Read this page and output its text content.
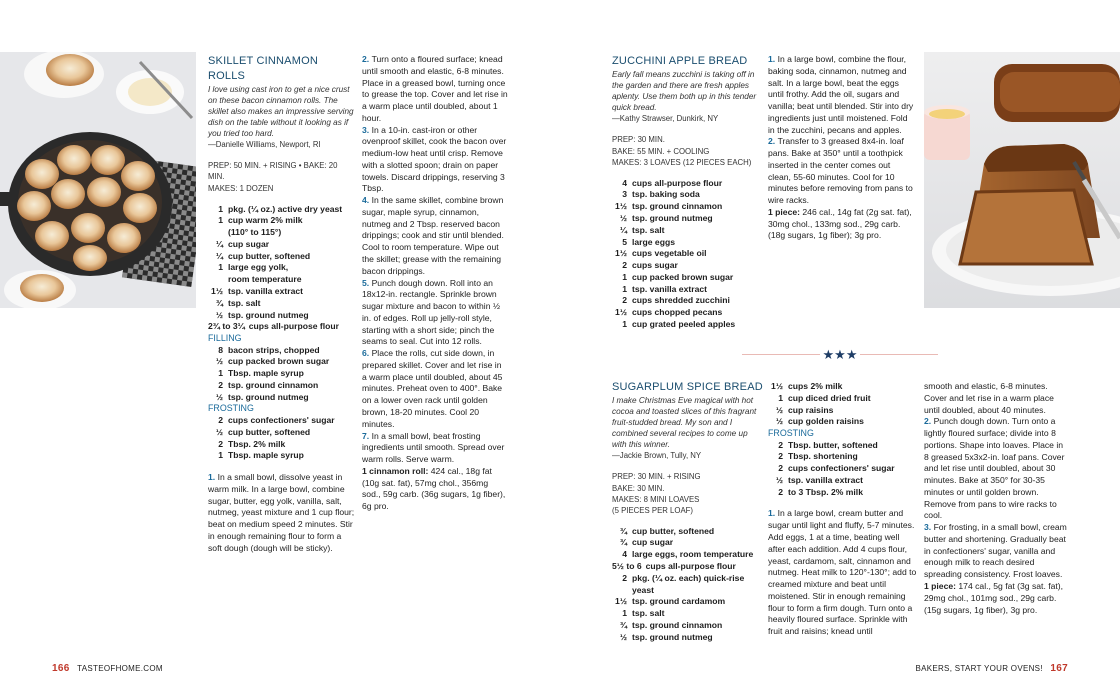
SKILLET CINNAMON ROLLS
I love using cast iron to get a nice crust on these bacon cinnamon rolls. The skillet also makes an impressive serving dish on the table without it looking as if you tried too hard.
—Danielle Williams, Newport, RI
PREP: 50 MIN. + RISING • BAKE: 20 MIN.
MAKES: 1 DOZEN
1 pkg. (¼ oz.) active dry yeast
1 cup warm 2% milk
(110° to 115°)
¼ cup sugar
¼ cup butter, softened
1 large egg yolk,
room temperature
1½ tsp. vanilla extract
¾ tsp. salt
½ tsp. ground nutmeg
2¾ to 3¼ cups all-purpose flour
FILLING
8 bacon strips, chopped
½ cup packed brown sugar
1 Tbsp. maple syrup
2 tsp. ground cinnamon
½ tsp. ground nutmeg
FROSTING
2 cups confectioners' sugar
½ cup butter, softened
2 Tbsp. 2% milk
1 Tbsp. maple syrup

1. In a small bowl, dissolve yeast in warm milk. In a large bowl, combine sugar, butter, egg yolk, vanilla, salt, nutmeg, yeast mixture and 1 cup flour; beat on medium speed 2 minutes. Stir in enough remaining flour to form a soft dough (dough will be sticky).

2. Turn onto a floured surface; knead until smooth and elastic, 6-8 minutes. Place in a greased bowl, turning once to grease the top. Cover and let rise in a warm place until doubled, about 1 hour.

3. In a 10-in. cast-iron or other ovenproof skillet, cook the bacon over medium-low heat until crisp. Remove with a slotted spoon; drain on paper towels. Discard drippings, reserving 3 Tbsp.

4. In the same skillet, combine brown sugar, maple syrup, cinnamon, nutmeg and 2 Tbsp. reserved bacon drippings; cook and stir until blended. Cool to room temperature. Wipe out the skillet; grease with the remaining bacon drippings.

5. Punch dough down. Roll into an 18x12-in. rectangle. Sprinkle brown sugar mixture and bacon to within ½ in. of edges. Roll up jelly-roll style, starting with a short side; pinch the seams to seal. Cut into 12 rolls.

6. Place the rolls, cut side down, in prepared skillet. Cover and let rise in a warm place until doubled, about 45 minutes. Preheat oven to 400°. Bake on a lower oven rack until golden brown, 18-20 minutes. Cool 20 minutes.

7. In a small bowl, beat frosting ingredients until smooth. Spread over warm rolls. Serve warm.

1 cinnamon roll: 424 cal., 18g fat (10g sat. fat), 57mg chol., 356mg sod., 59g carb. (36g sugars, 1g fiber), 6g pro.

ZUCCHINI APPLE BREAD
Early fall means zucchini is taking off in the garden and there are fresh apples aplenty. Use them both up in this tender quick bread.
—Kathy Strawser, Dunkirk, NY
PREP: 30 MIN.
BAKE: 55 MIN. + COOLING
MAKES: 3 LOAVES (12 PIECES EACH)
4 cups all-purpose flour
3 tsp. baking soda
1½ tsp. ground cinnamon
½ tsp. ground nutmeg
¼ tsp. salt
5 large eggs
1½ cups vegetable oil
2 cups sugar
1 cup packed brown sugar
1 tsp. vanilla extract
2 cups shredded zucchini
1½ cups chopped pecans
1 cup grated peeled apples

1. In a large bowl, combine the flour, baking soda, cinnamon, nutmeg and salt. In a large bowl, beat the eggs until frothy. Add the oil, sugars and vanilla; beat until blended. Stir into dry ingredients just until moistened. Fold in the zucchini, pecans and apples.

2. Transfer to 3 greased 8x4-in. loaf pans. Bake at 350° until a toothpick inserted in the center comes out clean, 55-60 minutes. Cool for 10 minutes before removing from pans to wire racks.

1 piece: 246 cal., 14g fat (2g sat. fat), 30mg chol., 133mg sod., 29g carb. (18g sugars, 1g fiber); 3g pro.

★★★
SUGARPLUM SPICE BREAD
I make Christmas Eve magical with hot cocoa and toasted slices of this fragrant fruit-studded bread. My son and I combined several recipes to come up with this winner.
—Jackie Brown, Tully, NY
PREP: 30 MIN. + RISING
BAKE: 30 MIN.
MAKES: 8 MINI LOAVES
(5 PIECES PER LOAF)
¾ cup butter, softened
¾ cup sugar
4 large eggs, room temperature
5½ to 6 cups all-purpose flour
2 pkg. (¼ oz. each) quick-rise
yeast
1½ tsp. ground cardamom
1 tsp. salt
¾ tsp. ground cinnamon
½ tsp. ground nutmeg
1½ cups 2% milk
1 cup diced dried fruit
½ cup raisins
½ cup golden raisins
FROSTING
2 Tbsp. butter, softened
2 Tbsp. shortening
2 cups confectioners' sugar
½ tsp. vanilla extract
2 to 3 Tbsp. 2% milk

1. In a large bowl, cream butter and sugar until light and fluffy, 5-7 minutes. Add eggs, 1 at a time, beating well after each addition. Add 4 cups flour, yeast, cardamom, salt, cinnamon and nutmeg. Heat milk to 120°-130°; add to creamed mixture and beat until moistened. Stir in enough remaining flour to form a firm dough. Turn onto a heavily floured surface. Sprinkle with fruit and raisins; knead until

smooth and elastic, 6-8 minutes. Cover and let rise in a warm place until doubled, about 40 minutes.

2. Punch dough down. Turn onto a lightly floured surface; divide into 8 portions. Shape into loaves. Place in 8 greased 5x3x2-in. loaf pans. Cover and let rise until doubled, about 30 minutes. Bake at 350° for 30-35 minutes or until golden brown. Remove from pans to wire racks to cool.

3. For frosting, in a small bowl, cream butter and shortening. Gradually beat in confectioners' sugar, vanilla and enough milk to reach desired spreading consistency. Frost loaves.

1 piece: 174 cal., 5g fat (3g sat. fat), 29mg chol., 101mg sod., 29g carb. (15g sugars, 1g fiber), 3g pro.

166 TASTEOFHOME.COM	BAKERS, START YOUR OVENS! 167
